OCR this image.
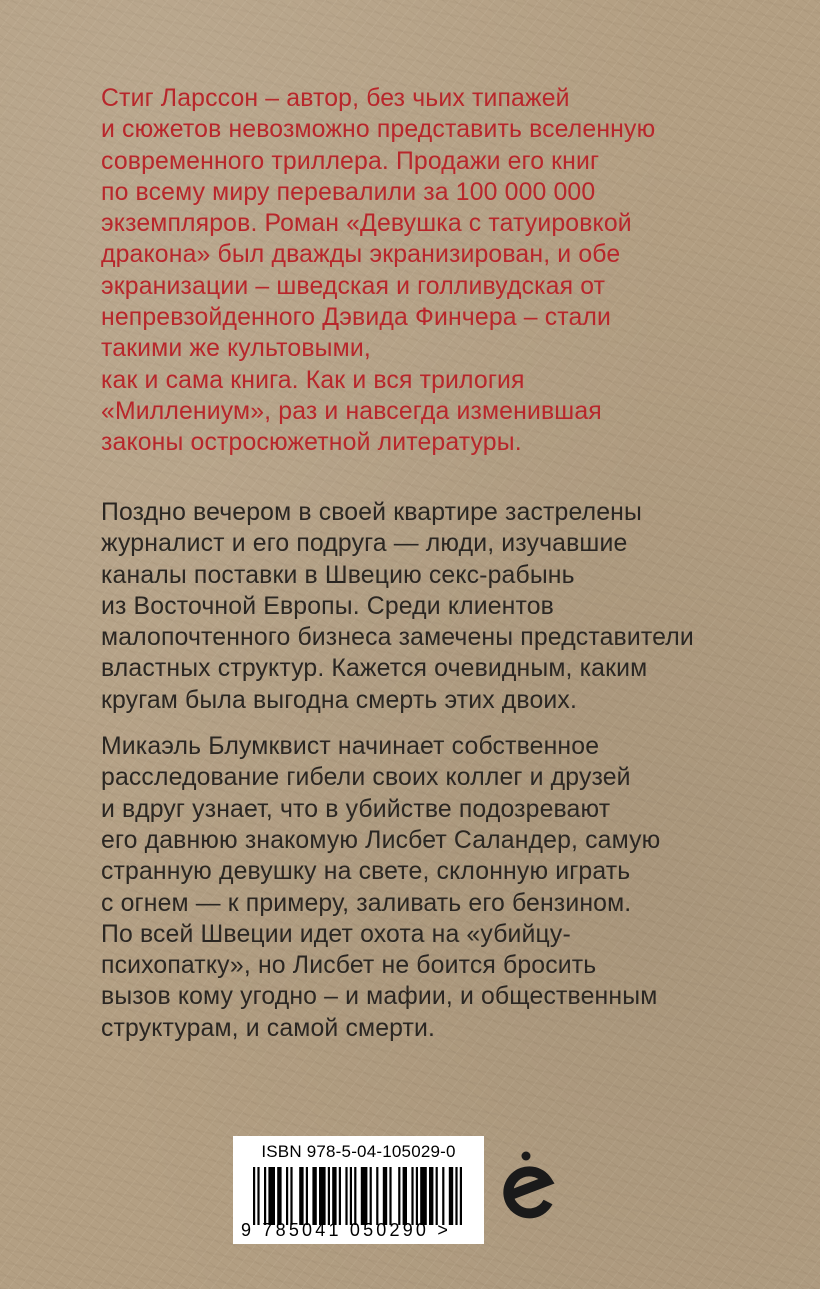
Стиг Ларссон – автор, без чьих типажей
и сюжетов невозможно представить вселенную
современного триллера. Продажи его книг
по всему миру перевалили за 100 000 000
экземпляров. Роман «Девушка с татуировкой
дракона» был дважды экранизирован, и обе
экранизации – шведская и голливудская от
непревзойденного Дэвида Финчера – стали
такими же культовыми,
как и сама книга. Как и вся трилогия
«Миллениум», раз и навсегда изменившая
законы остросюжетной литературы.
Поздно вечером в своей квартире застрелены
журналист и его подруга — люди, изучавшие
каналы поставки в Швецию секс-рабынь
из Восточной Европы. Среди клиентов
малопочтенного бизнеса замечены представители
властных структур. Кажется очевидным, каким
кругам была выгодна смерть этих двоих.
Микаэль Блумквист начинает собственное
расследование гибели своих коллег и друзей
и вдруг узнает, что в убийстве подозревают
его давнюю знакомую Лисбет Саландер, самую
странную девушку на свете, склонную играть
с огнем — к примеру, заливать его бензином.
По всей Швеции идет охота на «убийцу-
психопатку», но Лисбет не боится бросить
вызов кому угодно – и мафии, и общественным
структурам, и самой смерти.
ISBN 978-5-04-105029-0
9 785041 050290 >
